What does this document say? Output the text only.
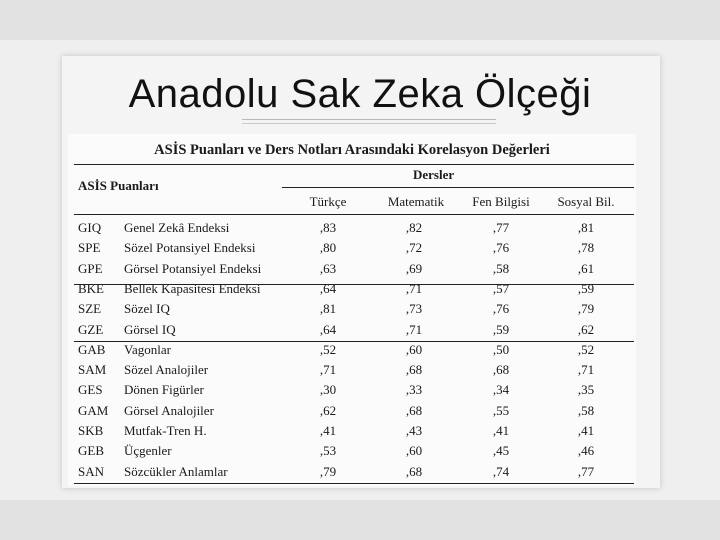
Anadolu Sak Zeka Ölçeği
ASİS Puanları ve Ders Notları Arasındaki Korelasyon Değerleri
ASİS Puanları
Dersler
Türkçe	Matematik	Fen Bilgisi	Sosyal Bil.
GIQ Genel Zekâ Endeksi	,83	,82	,77	,81
SPE Sözel Potansiyel Endeksi	,80	,72	,76	,78
GPE Görsel Potansiyel Endeksi	,63	,69	,58	,61
BKE Bellek Kapasitesi Endeksi	,64	,71	,57	,59
SZE Sözel IQ	,81	,73	,76	,79
GZE Görsel IQ	,64	,71	,59	,62
GAB Vagonlar	,52	,60	,50	,52
SAM Sözel Analojiler	,71	,68	,68	,71
GES Dönen Figürler	,30	,33	,34	,35
GAM Görsel Analojiler	,62	,68	,55	,58
SKB Mutfak-Tren H.	,41	,43	,41	,41
GEB Üçgenler	,53	,60	,45	,46
SAN Sözcükler Anlamlar	,79	,68	,74	,77
